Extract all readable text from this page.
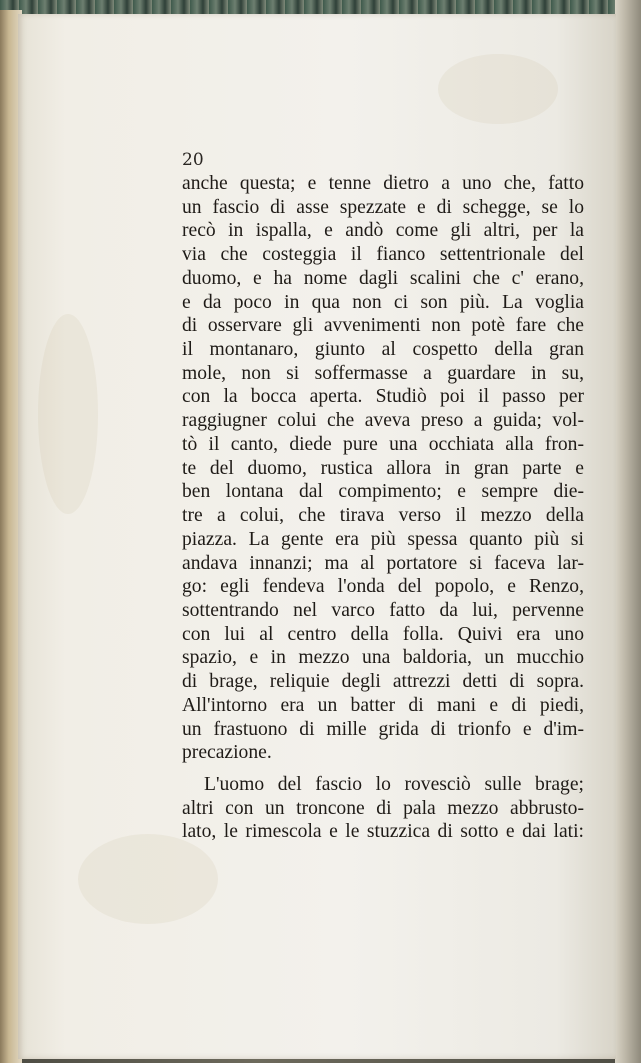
20

anche questa; e tenne dietro a uno che, fatto
un fascio di asse spezzate e di schegge, se lo
recò in ispalla, e andò come gli altri, per la
via che costeggia il fianco settentrionale del
duomo, e ha nome dagli scalini che c' erano,
e da poco in qua non ci son più. La voglia
di osservare gli avvenimenti non potè fare che
il montanaro, giunto al cospetto della gran
mole, non si soffermasse a guardare in su,
con la bocca aperta. Studiò poi il passo per
raggiugner colui che aveva preso a guida; vol-
tò il canto, diede pure una occhiata alla fron-
te del duomo, rustica allora in gran parte e
ben lontana dal compimento; e sempre die-
tre a colui, che tirava verso il mezzo della
piazza. La gente era più spessa quanto più si
andava innanzi; ma al portatore si faceva lar-
go: egli fendeva l'onda del popolo, e Renzo,
sottentrando nel varco fatto da lui, pervenne
con lui al centro della folla. Quivi era uno
spazio, e in mezzo una baldoria, un mucchio
di brage, reliquie degli attrezzi detti di sopra.
All'intorno era un batter di mani e di piedi,
un frastuono di mille grida di trionfo e d'im-
precazione.

L'uomo del fascio lo rovesciò sulle brage;
altri con un troncone di pala mezzo abbrusto-
lato, le rimescola e le stuzzica di sotto e dai lati:
